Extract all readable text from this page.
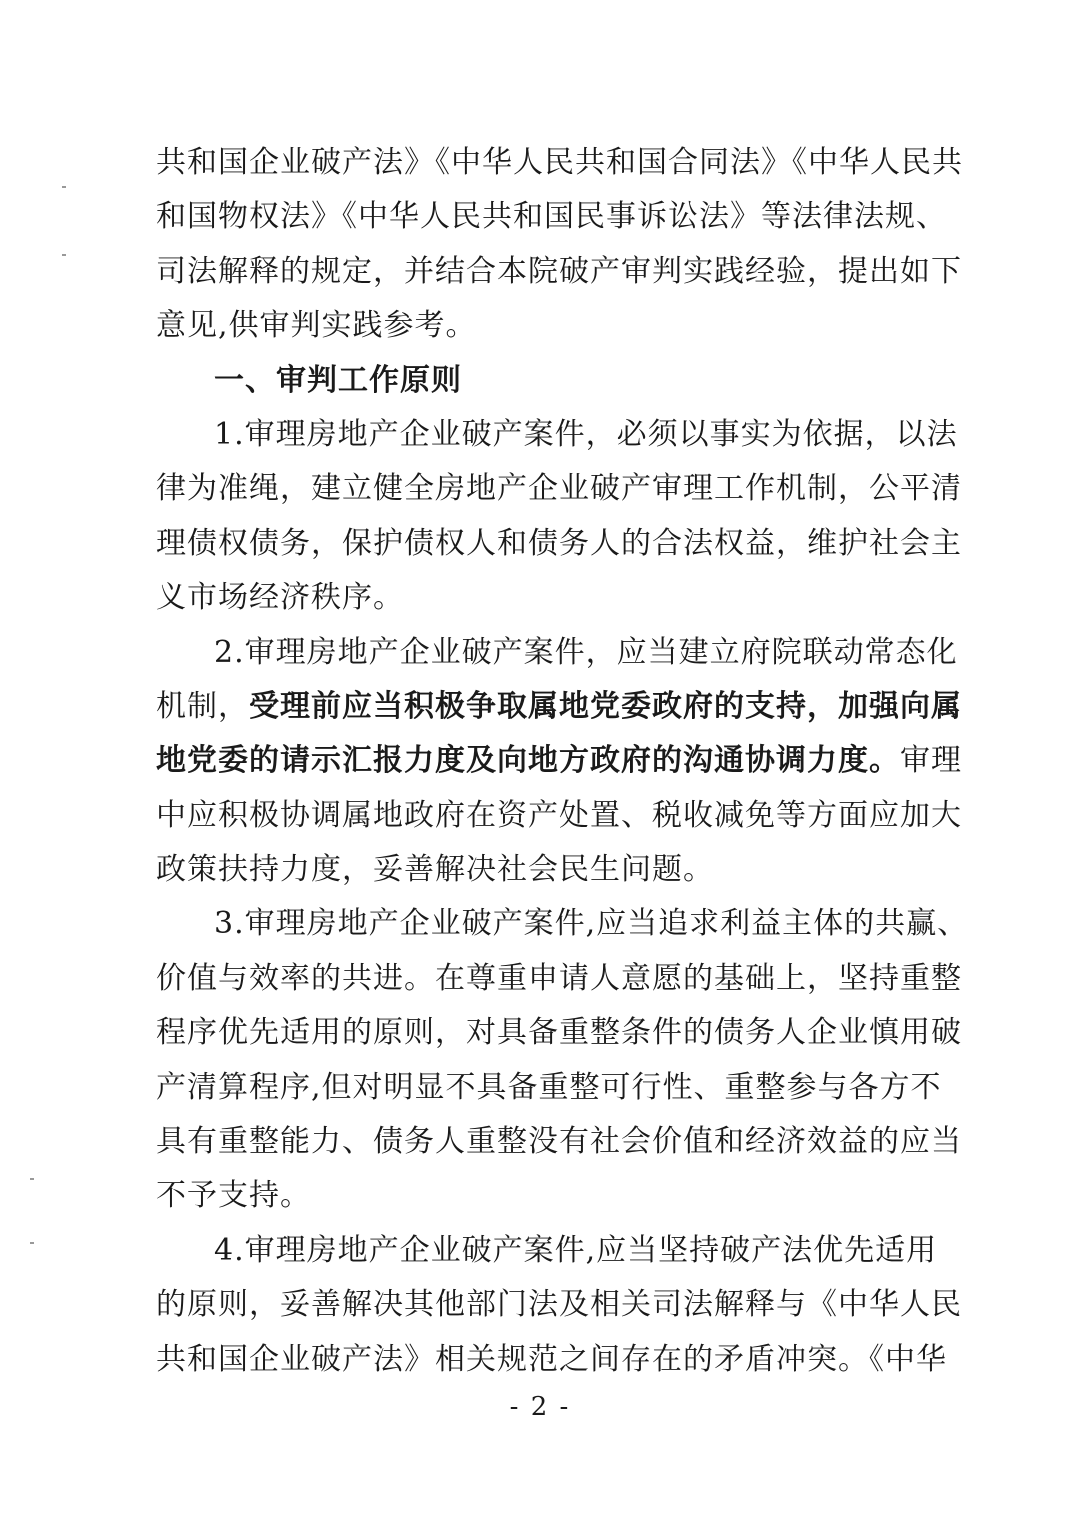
共和国企业破产法》《中华人民共和国合同法》《中华人民共
和国物权法》《中华人民共和国民事诉讼法》等法律法规、
司法解释的规定，并结合本院破产审判实践经验，提出如下
意见,供审判实践参考。
一、审判工作原则
1.审理房地产企业破产案件，必须以事实为依据，以法
律为准绳，建立健全房地产企业破产审理工作机制，公平清
理债权债务，保护债权人和债务人的合法权益，维护社会主
义市场经济秩序。
2.审理房地产企业破产案件，应当建立府院联动常态化
机制，受理前应当积极争取属地党委政府的支持，加强向属
地党委的请示汇报力度及向地方政府的沟通协调力度。审理
中应积极协调属地政府在资产处置、税收减免等方面应加大
政策扶持力度，妥善解决社会民生问题。
3.审理房地产企业破产案件,应当追求利益主体的共赢、
价值与效率的共进。在尊重申请人意愿的基础上，坚持重整
程序优先适用的原则，对具备重整条件的债务人企业慎用破
产清算程序,但对明显不具备重整可行性、重整参与各方不
具有重整能力、债务人重整没有社会价值和经济效益的应当
不予支持。
4.审理房地产企业破产案件,应当坚持破产法优先适用
的原则，妥善解决其他部门法及相关司法解释与《中华人民
共和国企业破产法》相关规范之间存在的矛盾冲突。《中华
- 2 -
